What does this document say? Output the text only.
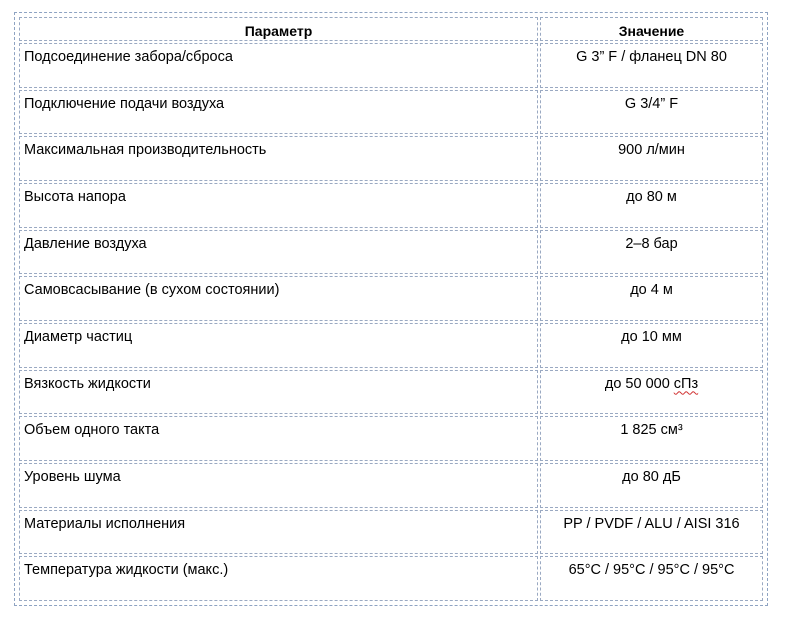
Параметр	Значение
Подсоединение забора/сброса	G 3” F / фланец DN 80
Подключение подачи воздуха	G 3/4” F
Максимальная производительность	900 л/мин
Высота напора	до 80 м
Давление воздуха	2–8 бар
Самовсасывание (в сухом состоянии)	до 4 м
Диаметр частиц	до 10 мм
Вязкость жидкости	до 50 000 сПз
Объем одного такта	1 825 см³
Уровень шума	до 80 дБ
Материалы исполнения	PP / PVDF / ALU / AISI 316
Температура жидкости (макс.)	65°C / 95°C / 95°C / 95°C
